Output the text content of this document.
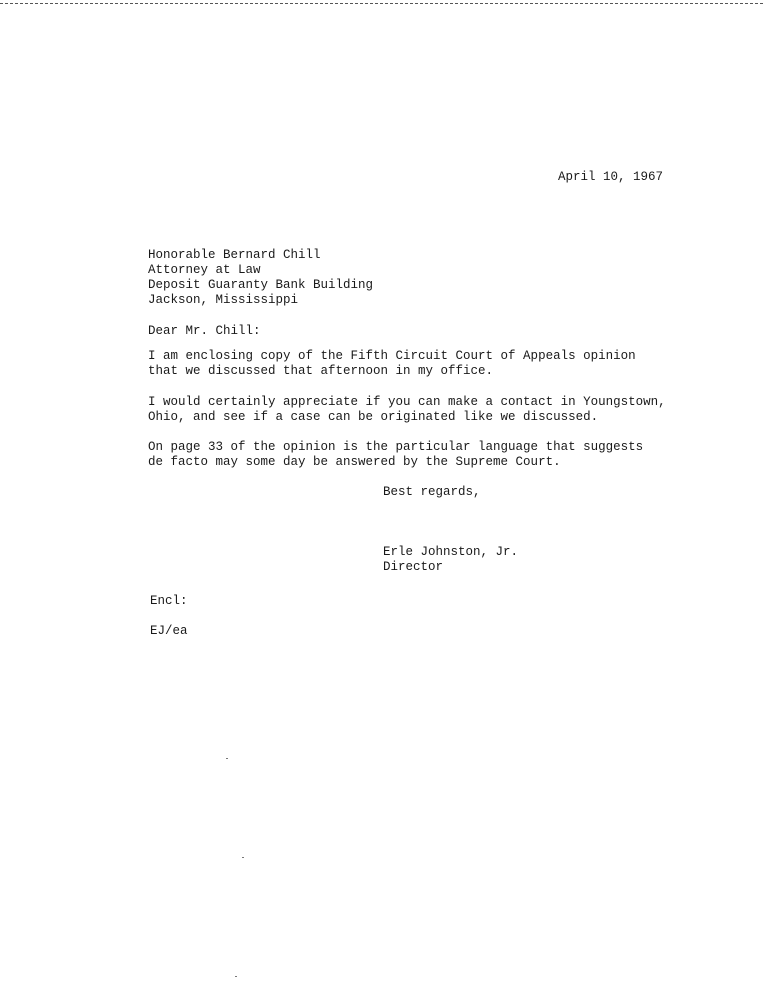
April 10, 1967
Honorable Bernard Chill
Attorney at Law
Deposit Guaranty Bank Building
Jackson, Mississippi
Dear Mr. Chill:
I am enclosing copy of the Fifth Circuit Court of Appeals opinion
that we discussed that afternoon in my office.
I would certainly appreciate if you can make a contact in Youngstown,
Ohio, and see if a case can be originated like we discussed.
On page 33 of the opinion is the particular language that suggests
de facto may some day be answered by the Supreme Court.
Best regards,
Erle Johnston, Jr.
Director
Encl:
EJ/ea
